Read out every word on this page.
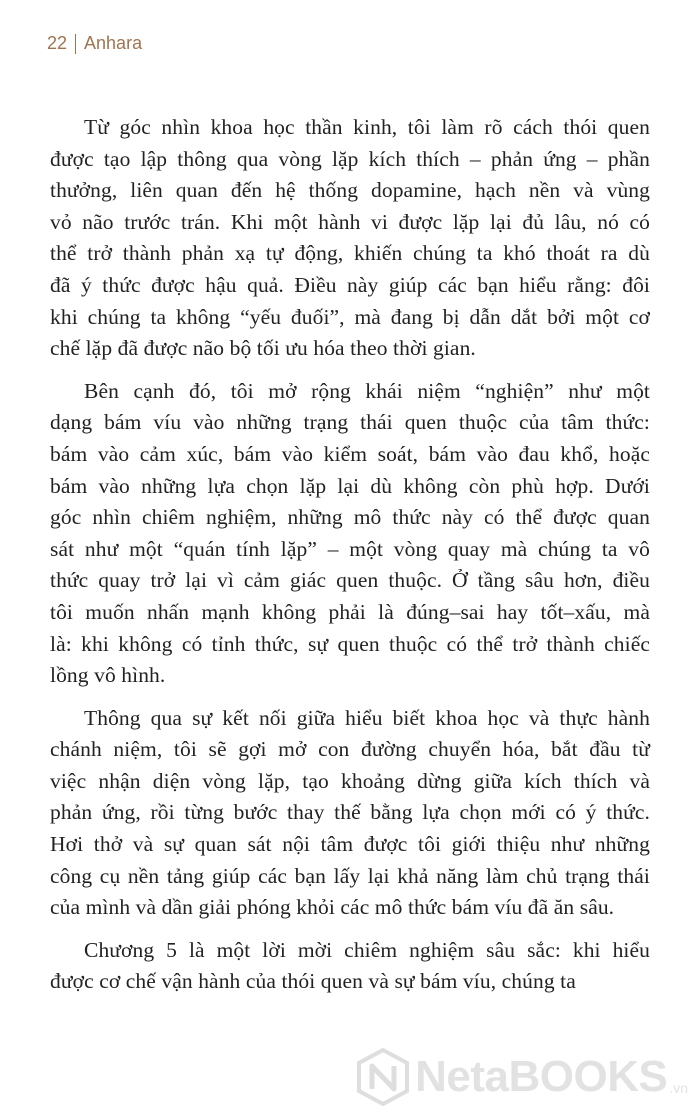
22 Anhara

Từ góc nhìn khoa học thần kinh, tôi làm rõ cách thói quen
được tạo lập thông qua vòng lặp kích thích – phản ứng – phần
thưởng, liên quan đến hệ thống dopamine, hạch nền và vùng
vỏ não trước trán. Khi một hành vi được lặp lại đủ lâu, nó có
thể trở thành phản xạ tự động, khiến chúng ta khó thoát ra dù
đã ý thức được hậu quả. Điều này giúp các bạn hiểu rằng: đôi
khi chúng ta không “yếu đuối”, mà đang bị dẫn dắt bởi một cơ
chế lặp đã được não bộ tối ưu hóa theo thời gian.

Bên cạnh đó, tôi mở rộng khái niệm “nghiện” như một
dạng bám víu vào những trạng thái quen thuộc của tâm thức:
bám vào cảm xúc, bám vào kiểm soát, bám vào đau khổ, hoặc
bám vào những lựa chọn lặp lại dù không còn phù hợp. Dưới
góc nhìn chiêm nghiệm, những mô thức này có thể được quan
sát như một “quán tính lặp” – một vòng quay mà chúng ta vô
thức quay trở lại vì cảm giác quen thuộc. Ở tầng sâu hơn, điều
tôi muốn nhấn mạnh không phải là đúng–sai hay tốt–xấu, mà
là: khi không có tỉnh thức, sự quen thuộc có thể trở thành chiếc
lồng vô hình.

Thông qua sự kết nối giữa hiểu biết khoa học và thực hành
chánh niệm, tôi sẽ gợi mở con đường chuyển hóa, bắt đầu từ
việc nhận diện vòng lặp, tạo khoảng dừng giữa kích thích và
phản ứng, rồi từng bước thay thế bằng lựa chọn mới có ý thức.
Hơi thở và sự quan sát nội tâm được tôi giới thiệu như những
công cụ nền tảng giúp các bạn lấy lại khả năng làm chủ trạng thái
của mình và dần giải phóng khỏi các mô thức bám víu đã ăn sâu.

Chương 5 là một lời mời chiêm nghiệm sâu sắc: khi hiểu
được cơ chế vận hành của thói quen và sự bám víu, chúng ta

NetaBOOKS .vn
